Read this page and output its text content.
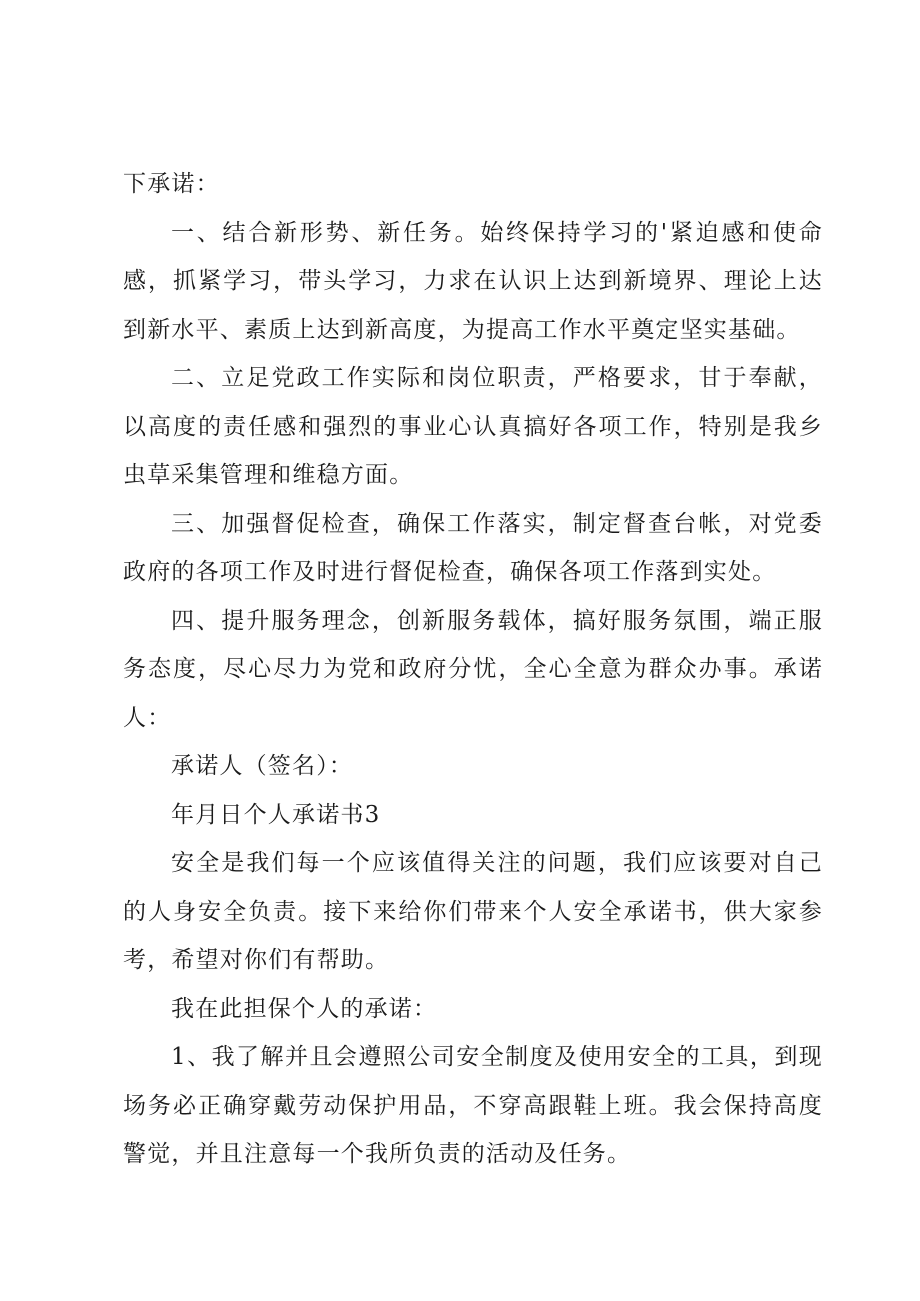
下承诺：

一、结合新形势、新任务。始终保持学习的'紧迫感和使命感，抓紧学习，带头学习，力求在认识上达到新境界、理论上达到新水平、素质上达到新高度，为提高工作水平奠定坚实基础。

二、立足党政工作实际和岗位职责，严格要求，甘于奉献，以高度的责任感和强烈的事业心认真搞好各项工作，特别是我乡虫草采集管理和维稳方面。

三、加强督促检查，确保工作落实，制定督查台帐，对党委政府的各项工作及时进行督促检查，确保各项工作落到实处。

四、提升服务理念，创新服务载体，搞好服务氛围，端正服务态度，尽心尽力为党和政府分忧，全心全意为群众办事。承诺人：

承诺人（签名）：

年月日个人承诺书3

安全是我们每一个应该值得关注的问题，我们应该要对自己的人身安全负责。接下来给你们带来个人安全承诺书，供大家参考，希望对你们有帮助。

我在此担保个人的承诺：

1、我了解并且会遵照公司安全制度及使用安全的工具，到现场务必正确穿戴劳动保护用品，不穿高跟鞋上班。我会保持高度警觉，并且注意每一个我所负责的活动及任务。
